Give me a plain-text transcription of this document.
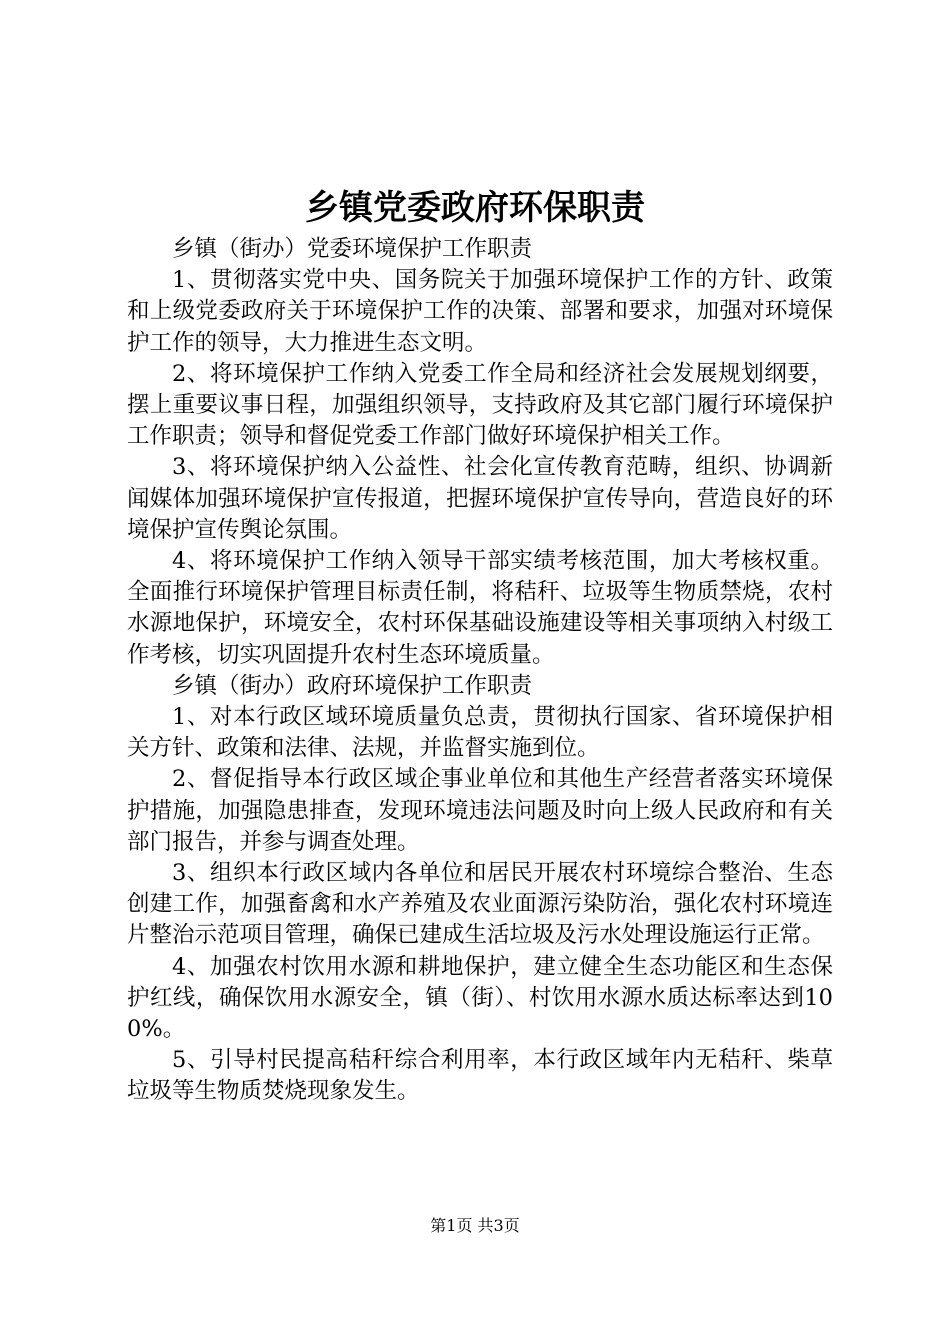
乡镇党委政府环保职责

乡镇（街办）党委环境保护工作职责

1、贯彻落实党中央、国务院关于加强环境保护工作的方针、政策和上级党委政府关于环境保护工作的决策、部署和要求，加强对环境保护工作的领导，大力推进生态文明。

2、将环境保护工作纳入党委工作全局和经济社会发展规划纲要，摆上重要议事日程，加强组织领导，支持政府及其它部门履行环境保护工作职责；领导和督促党委工作部门做好环境保护相关工作。

3、将环境保护纳入公益性、社会化宣传教育范畴，组织、协调新闻媒体加强环境保护宣传报道，把握环境保护宣传导向，营造良好的环境保护宣传舆论氛围。

4、将环境保护工作纳入领导干部实绩考核范围，加大考核权重。全面推行环境保护管理目标责任制，将秸秆、垃圾等生物质禁烧，农村水源地保护，环境安全，农村环保基础设施建设等相关事项纳入村级工作考核，切实巩固提升农村生态环境质量。

乡镇（街办）政府环境保护工作职责

1、对本行政区域环境质量负总责，贯彻执行国家、省环境保护相关方针、政策和法律、法规，并监督实施到位。

2、督促指导本行政区域企事业单位和其他生产经营者落实环境保护措施，加强隐患排查，发现环境违法问题及时向上级人民政府和有关部门报告，并参与调查处理。

3、组织本行政区域内各单位和居民开展农村环境综合整治、生态创建工作，加强畜禽和水产养殖及农业面源污染防治，强化农村环境连片整治示范项目管理，确保已建成生活垃圾及污水处理设施运行正常。

4、加强农村饮用水源和耕地保护，建立健全生态功能区和生态保护红线，确保饮用水源安全，镇（街）、村饮用水源水质达标率达到100%。

5、引导村民提高秸秆综合利用率，本行政区域年内无秸秆、柴草垃圾等生物质焚烧现象发生。

第1页 共3页
